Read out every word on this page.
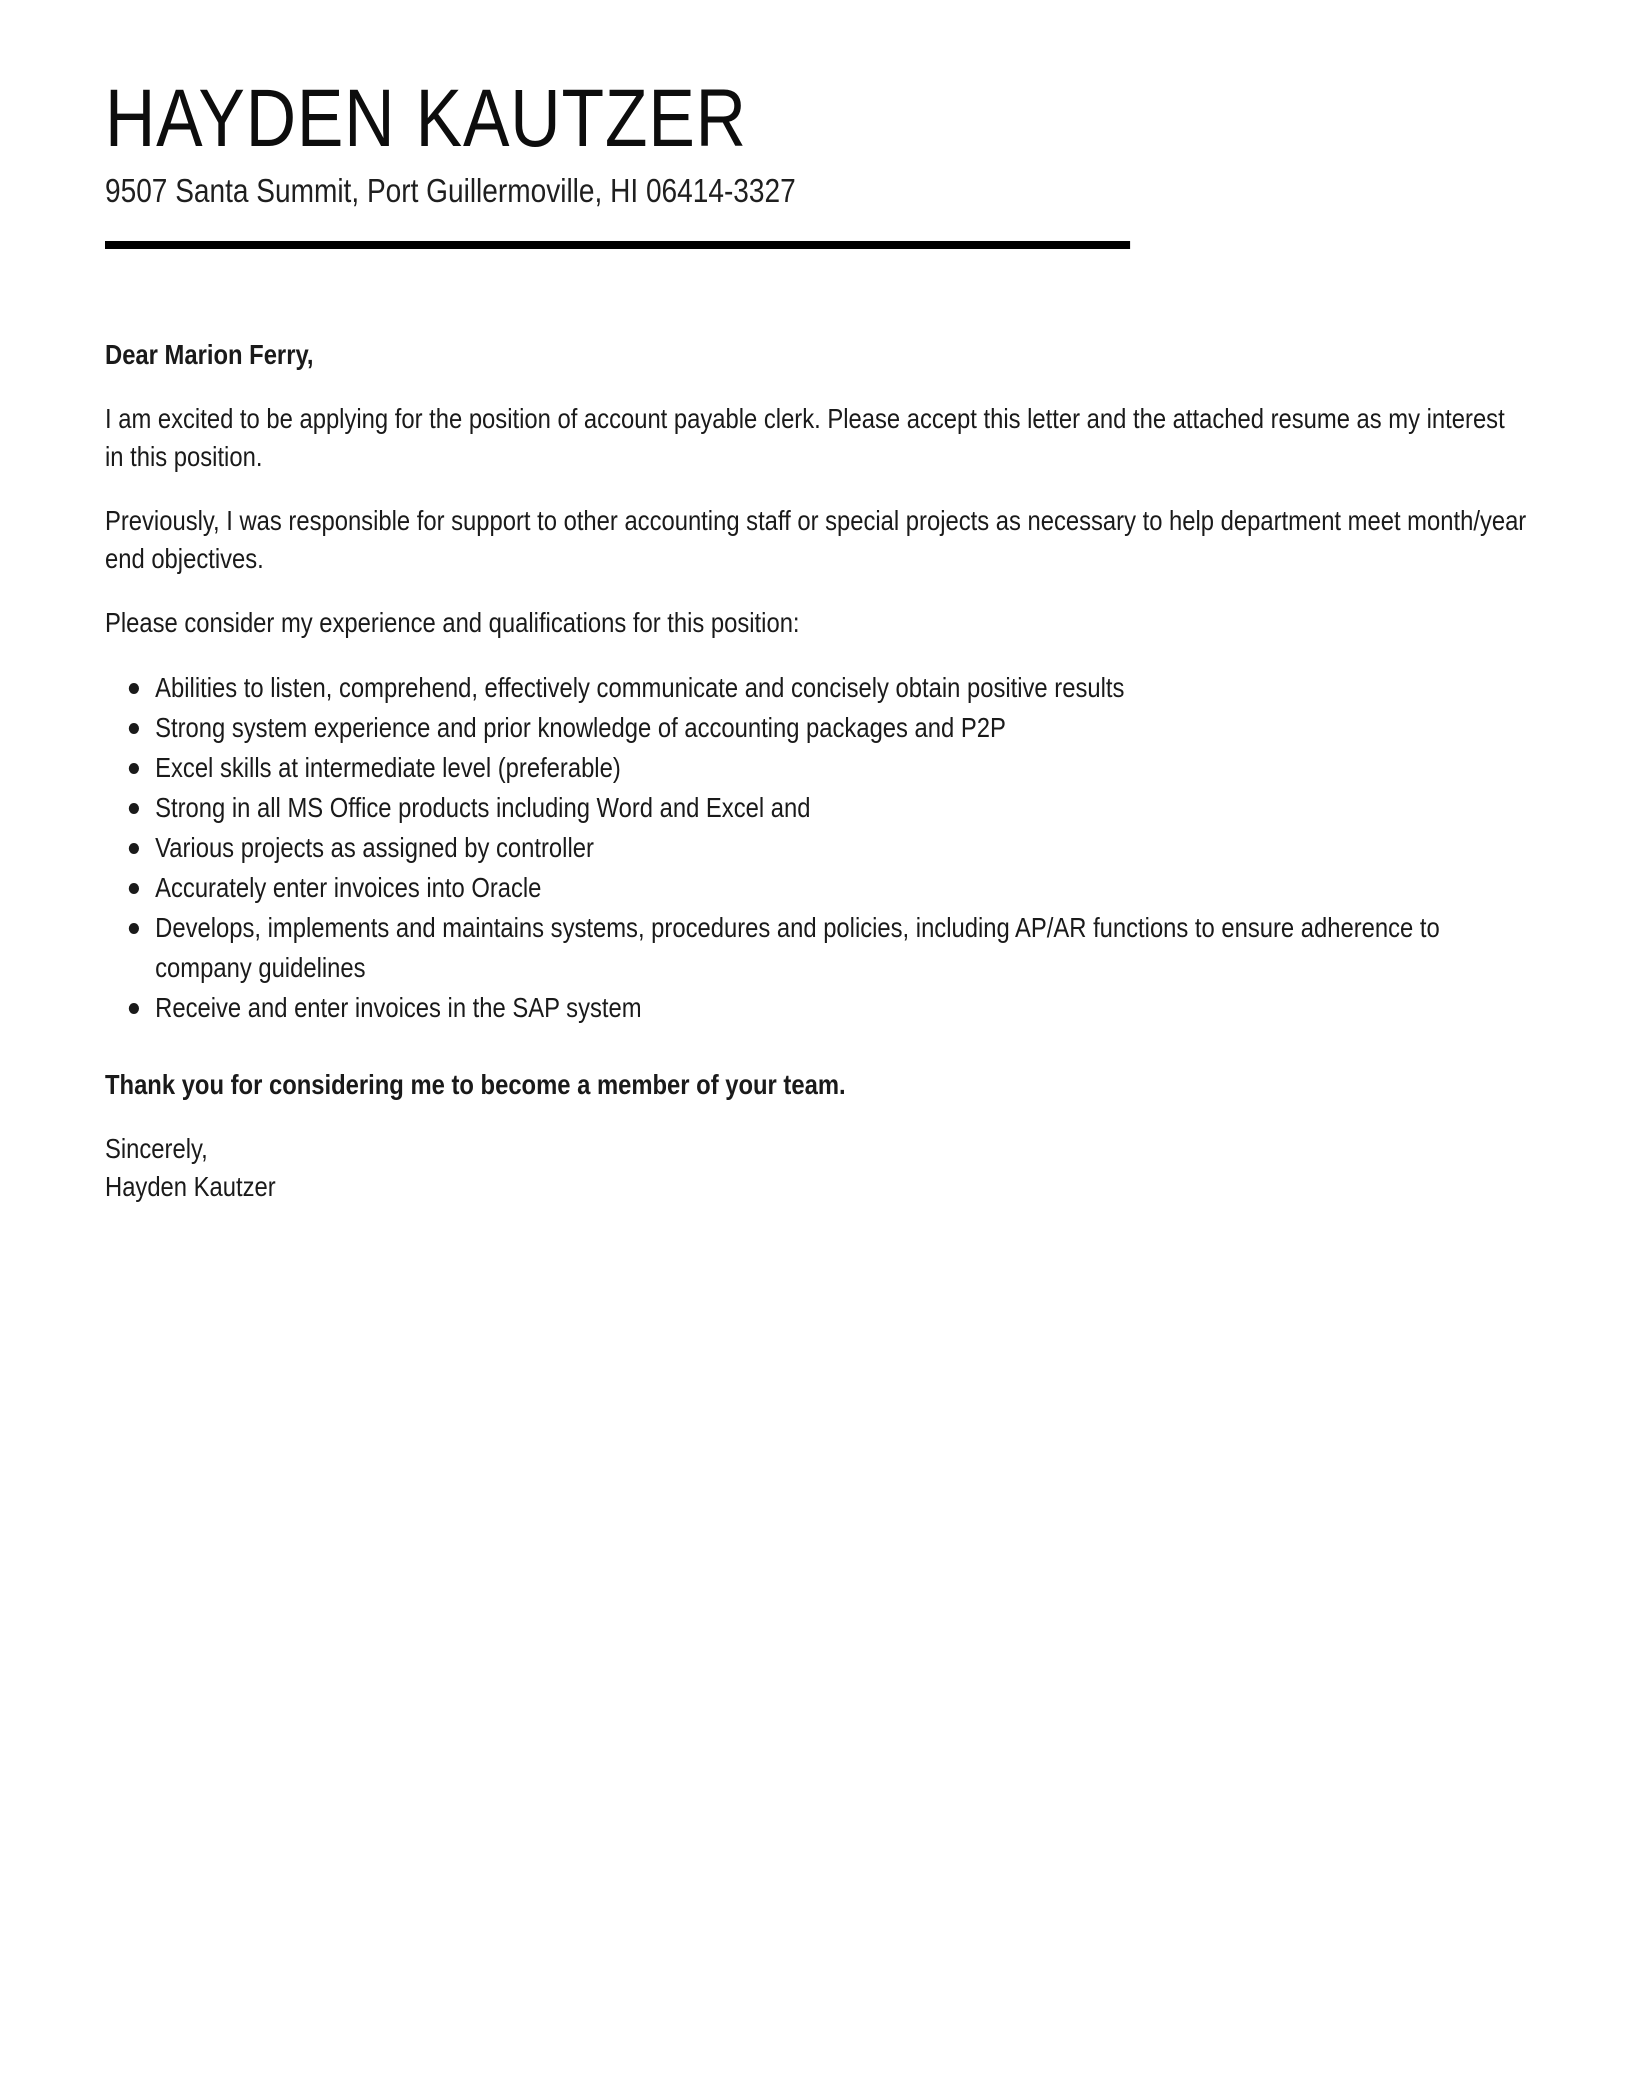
HAYDEN KAUTZER
9507 Santa Summit, Port Guillermoville, HI 06414-3327

Dear Marion Ferry,

I am excited to be applying for the position of account payable clerk. Please accept this letter and the attached resume as my interest in this position.

Previously, I was responsible for support to other accounting staff or special projects as necessary to help department meet month/year end objectives.

Please consider my experience and qualifications for this position:

Abilities to listen, comprehend, effectively communicate and concisely obtain positive results
Strong system experience and prior knowledge of accounting packages and P2P
Excel skills at intermediate level (preferable)
Strong in all MS Office products including Word and Excel and
Various projects as assigned by controller
Accurately enter invoices into Oracle
Develops, implements and maintains systems, procedures and policies, including AP/AR functions to ensure adherence to company guidelines
Receive and enter invoices in the SAP system

Thank you for considering me to become a member of your team.

Sincerely,

Hayden Kautzer
